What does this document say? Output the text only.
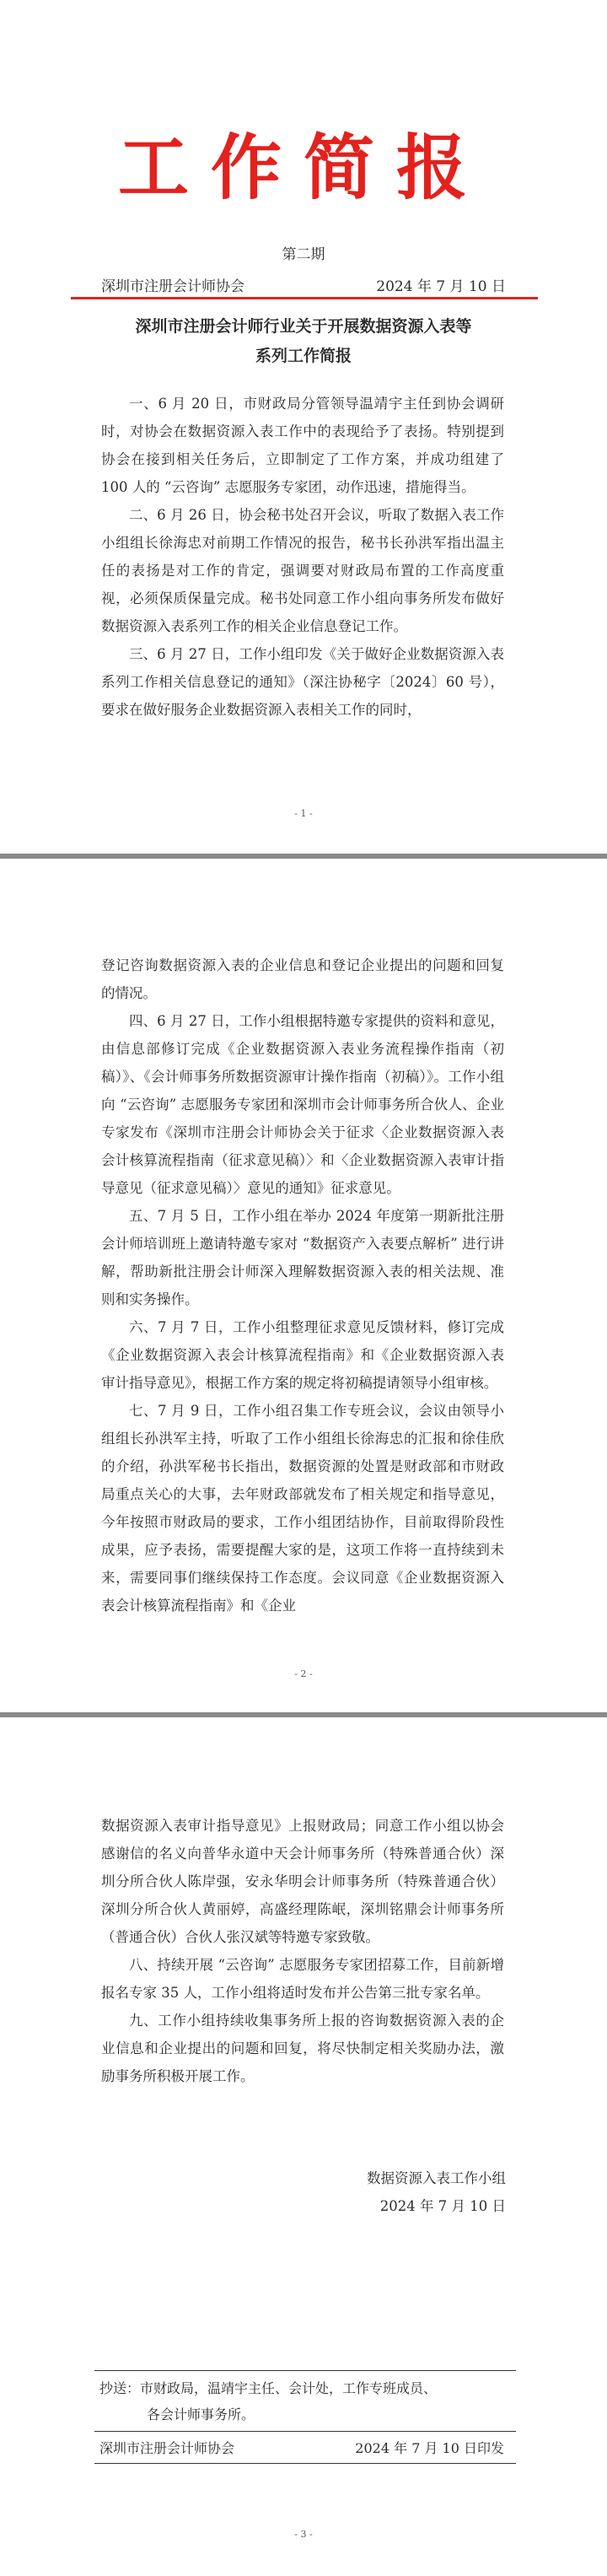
工作简报
第二期
深圳市注册会计师协会	2024 年 7 月 10 日
深圳市注册会计师行业关于开展数据资源入表等
系列工作简报

一、6 月 20 日，市财政局分管领导温靖宇主任到协会调研时，对协会在数据资源入表工作中的表现给予了表扬。特别提到协会在接到相关任务后，立即制定了工作方案，并成功组建了 100 人的 “云咨询” 志愿服务专家团，动作迅速，措施得当。

二、6 月 26 日，协会秘书处召开会议，听取了数据入表工作小组组长徐海忠对前期工作情况的报告，秘书长孙洪军指出温主任的表扬是对工作的肯定，强调要对财政局布置的工作高度重视，必须保质保量完成。秘书处同意工作小组向事务所发布做好数据资源入表系列工作的相关企业信息登记工作。

三、6 月 27 日，工作小组印发《关于做好企业数据资源入表系列工作相关信息登记的通知》（深注协秘字〔2024〕60 号），要求在做好服务企业数据资源入表相关工作的同时，

- 1 -

登记咨询数据资源入表的企业信息和登记企业提出的问题和回复的情况。

四、6 月 27 日，工作小组根据特邀专家提供的资料和意见，由信息部修订完成《企业数据资源入表业务流程操作指南（初稿）》、《会计师事务所数据资源审计操作指南（初稿）》。工作小组向 “云咨询” 志愿服务专家团和深圳市会计师事务所合伙人、企业专家发布《深圳市注册会计师协会关于征求〈企业数据资源入表会计核算流程指南（征求意见稿）〉和〈企业数据资源入表审计指导意见（征求意见稿）〉意见的通知》征求意见。

五、7 月 5 日，工作小组在举办 2024 年度第一期新批注册会计师培训班上邀请特邀专家对 “数据资产入表要点解析” 进行讲解，帮助新批注册会计师深入理解数据资源入表的相关法规、准则和实务操作。

六、7 月 7 日，工作小组整理征求意见反馈材料，修订完成《企业数据资源入表会计核算流程指南》和《企业数据资源入表审计指导意见》，根据工作方案的规定将初稿提请领导小组审核。

七、7 月 9 日，工作小组召集工作专班会议，会议由领导小组组长孙洪军主持，听取了工作小组组长徐海忠的汇报和徐佳欣的介绍，孙洪军秘书长指出，数据资源的处置是财政部和市财政局重点关心的大事，去年财政部就发布了相关规定和指导意见，今年按照市财政局的要求，工作小组团结协作，目前取得阶段性成果，应予表扬，需要提醒大家的是，这项工作将一直持续到未来，需要同事们继续保持工作态度。会议同意《企业数据资源入表会计核算流程指南》和《企业

- 2 -

数据资源入表审计指导意见》上报财政局；同意工作小组以协会感谢信的名义向普华永道中天会计师事务所（特殊普通合伙）深圳分所合伙人陈岸强，安永华明会计师事务所（特殊普通合伙）深圳分所合伙人黄丽婷，高盛经理陈岷，深圳铭鼎会计师事务所（普通合伙）合伙人张汉斌等特邀专家致敬。

八、持续开展 “云咨询” 志愿服务专家团招募工作，目前新增报名专家 35 人，工作小组将适时发布并公告第三批专家名单。

九、工作小组持续收集事务所上报的咨询数据资源入表的企业信息和企业提出的问题和回复，将尽快制定相关奖励办法，激励事务所积极开展工作。

数据资源入表工作小组
2024 年 7 月 10 日
抄送：市财政局，温靖宇主任、会计处，工作专班成员、
各会计师事务所。
深圳市注册会计师协会	2024 年 7 月 10 日印发
- 3 -
